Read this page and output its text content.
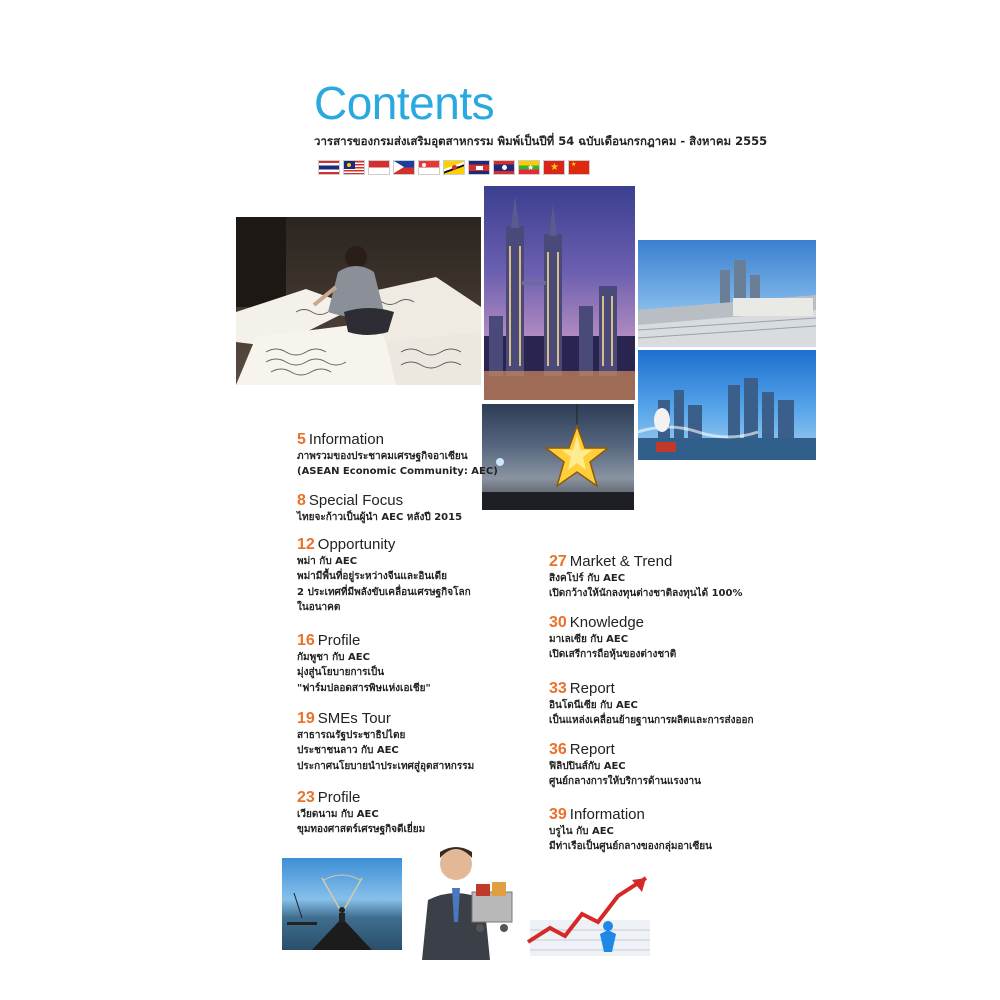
Contents
วารสารของกรมส่งเสริมอุตสาหกรรม พิมพ์เป็นปีที่ 54 ฉบับเดือนกรกฎาคม - สิงหาคม 2555
★ ★ ★
5 Information
ภาพรวมของประชาคมเศรษฐกิจอาเซียน
(ASEAN Economic Community: AEC)
8 Special Focus
ไทยจะก้าวเป็นผู้นำ AEC หลังปี 2015
12 Opportunity
พม่า กับ AEC
พม่ามีพื้นที่อยู่ระหว่างจีนและอินเดีย
2 ประเทศที่มีพลังขับเคลื่อนเศรษฐกิจโลก
ในอนาคต
16 Profile
กัมพูชา กับ AEC
มุ่งสู่นโยบายการเป็น
"ฟาร์มปลอดสารพิษแห่งเอเชีย"
19 SMEs Tour
สาธารณรัฐประชาธิปไตย
ประชาชนลาว กับ AEC
ประกาศนโยบายนำประเทศสู่อุตสาหกรรม
23 Profile
เวียดนาม กับ AEC
ขุมทองศาสตร์เศรษฐกิจดีเยี่ยม
27 Market & Trend
สิงคโปร์ กับ AEC
เปิดกว้างให้นักลงทุนต่างชาติลงทุนได้ 100%
30 Knowledge
มาเลเซีย กับ AEC
เปิดเสรีการถือหุ้นของต่างชาติ
33 Report
อินโดนีเซีย กับ AEC
เป็นแหล่งเคลื่อนย้ายฐานการผลิตและการส่งออก
36 Report
ฟิลิปปินส์กับ AEC
ศูนย์กลางการให้บริการด้านแรงงาน
39 Information
บรูไน กับ AEC
มีท่าเรือเป็นศูนย์กลางของกลุ่มอาเซียน
